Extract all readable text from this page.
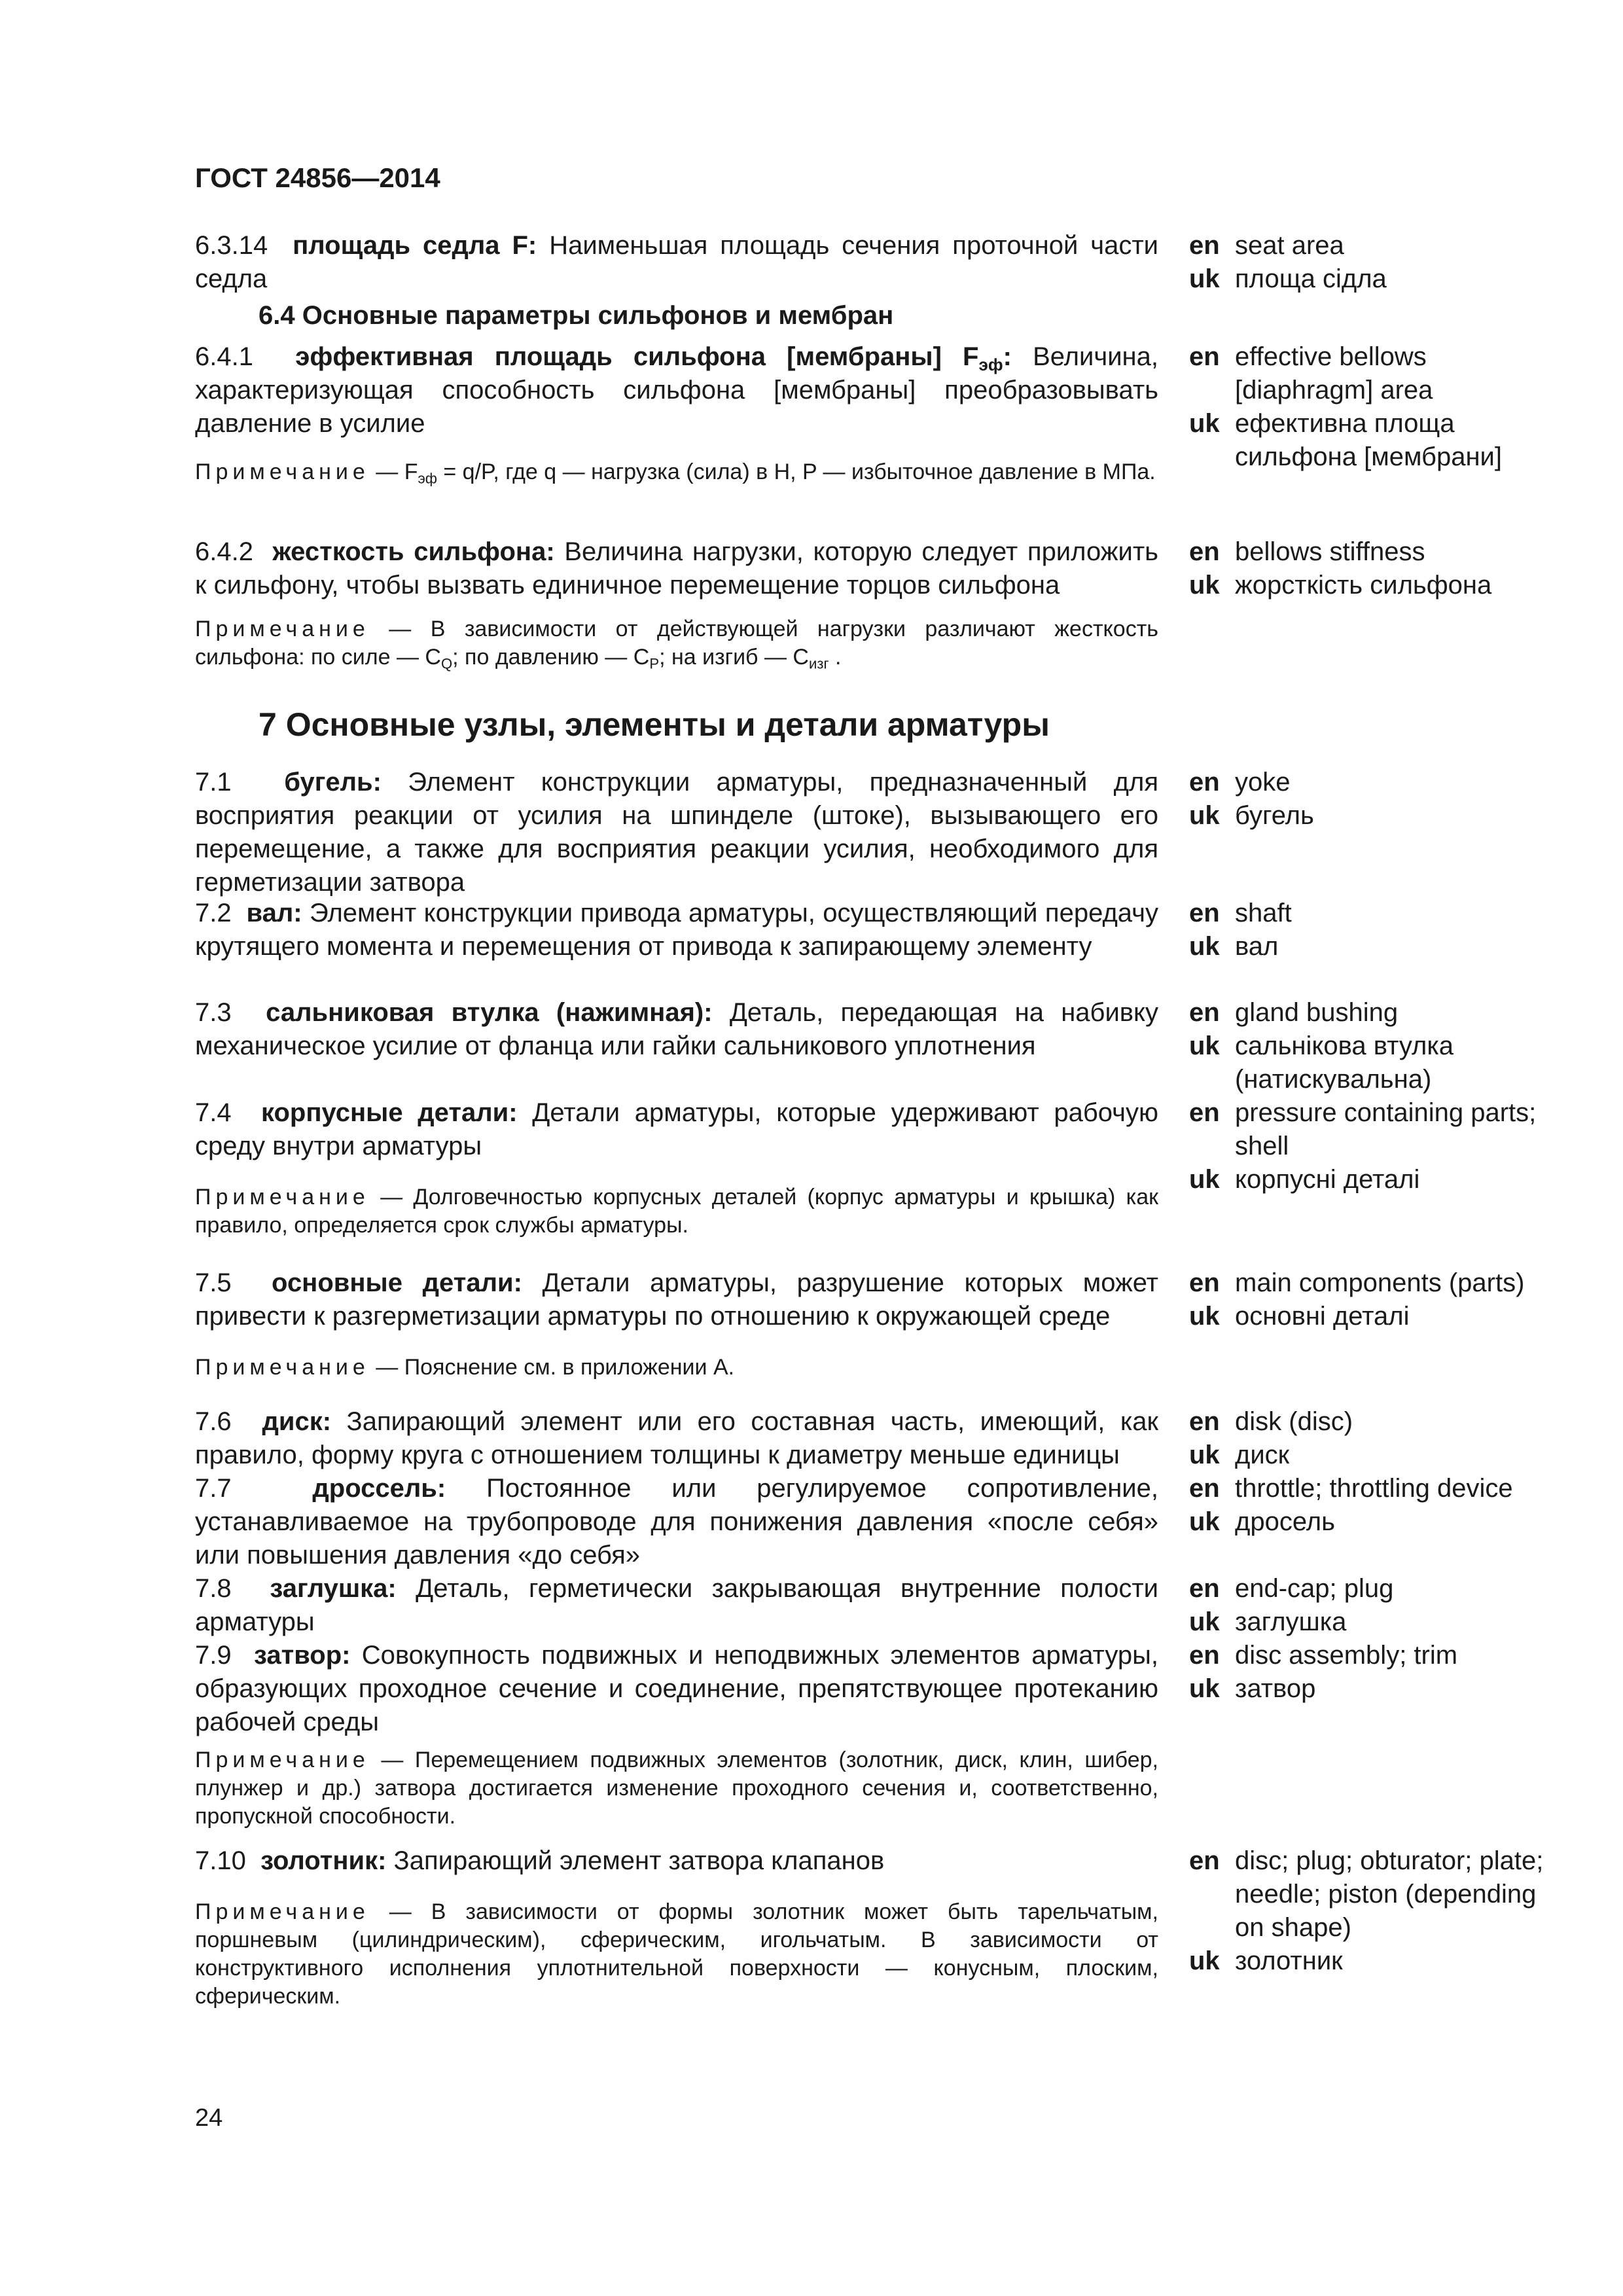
ГОСТ 24856—2014
6.3.14 площадь седла F: Наименьшая площадь сечения проточной части седла
en seat area
uk площа сідла
6.4 Основные параметры сильфонов и мембран
6.4.1 эффективная площадь сильфона [мембраны] $F_{эф}$: Величина, характеризующая способность сильфона [мембраны] преобразовывать давление в усилие
Примечание — $F_{эф} = q/P$, где q — нагрузка (сила) в Н, P — избыточное давление в МПа.
en effective bellows [diaphragm] area
uk ефективна площа сильфона [мембрани]
6.4.2 жесткость сильфона: Величина нагрузки, которую следует приложить к сильфону, чтобы вызвать единичное перемещение торцов сильфона
Примечание — В зависимости от действующей нагрузки различают жесткость сильфона: по силе — $C_Q$; по давлению — $C_P$; на изгиб — $C_{изг}$ .
en bellows stiffness
uk жорсткість сильфона
7 Основные узлы, элементы и детали арматуры
7.1 бугель: Элемент конструкции арматуры, предназначенный для восприятия реакции от усилия на шпинделе (штоке), вызывающего его перемещение, а также для восприятия реакции усилия, необходимого для герметизации затвора
en yoke
uk бугель
7.2 вал: Элемент конструкции привода арматуры, осуществляющий передачу крутящего момента и перемещения от привода к запирающему элементу
en shaft
uk вал
7.3 сальниковая втулка (нажимная): Деталь, передающая на набивку механическое усилие от фланца или гайки сальникового уплотнения
en gland bushing
uk сальнікова втулка (натискувальна)
7.4 корпусные детали: Детали арматуры, которые удерживают рабочую среду внутри арматуры
Примечание — Долговечностью корпусных деталей (корпус арматуры и крышка) как правило, определяется срок службы арматуры.
en pressure containing parts; shell
uk корпусні деталі
7.5 основные детали: Детали арматуры, разрушение которых может привести к разгерметизации арматуры по отношению к окружающей среде
Примечание — Пояснение см. в приложении А.
en main components (parts)
uk основні деталі
7.6 диск: Запирающий элемент или его составная часть, имеющий, как правило, форму круга с отношением толщины к диаметру меньше единицы
en disk (disc)
uk диск
7.7	дроссель: Постоянное или регулируемое сопротивление, устанавливаемое на трубопроводе для понижения давления «после себя» или повышения давления «до себя»
en throttle; throttling device
uk дросель
7.8 заглушка: Деталь, герметически закрывающая внутренние полости арматуры
en end-cap; plug
uk заглушка
7.9 затвор: Совокупность подвижных и неподвижных элементов арматуры, образующих проходное сечение и соединение, препятствующее протеканию рабочей среды
Примечание — Перемещением подвижных элементов (золотник, диск, клин, шибер, плунжер и др.) затвора достигается изменение проходного сечения и, соответственно, пропускной способности.
en disc assembly; trim
uk затвор
7.10 золотник: Запирающий элемент затвора клапанов
Примечание — В зависимости от формы золотник может быть тарельчатым, поршневым (цилиндрическим), сферическим, игольчатым. В зависимости от конструктивного исполнения уплотнительной поверхности — конусным, плоским, сферическим.
en disc; plug; obturator; plate; needle; piston (depending on shape)
uk золотник
24
